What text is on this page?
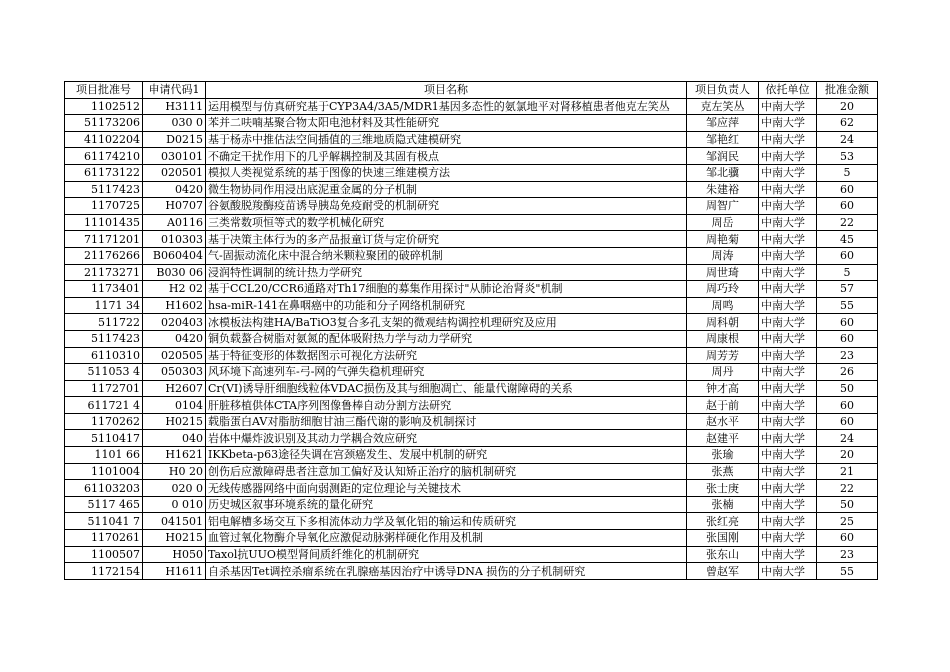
项目批准号	申请代码1	项目名称	项目负责人	依托单位	批准金额
1102512	H3111	运用模型与仿真研究基于CYP3A4/3A5/MDR1基因多态性的氨氯地平对肾移植患者他克左笑丛	克左笑丛	中南大学	20
51173206	030 0	苯并二呋喃基聚合物太阳电池材料及其性能研究	邹应萍	中南大学	62
41102204	D0215	基于杨赤中推估法空间插值的三维地质隐式建模研究	邹艳红	中南大学	24
61174210	030101	不确定干扰作用下的几乎解耦控制及其固有极点	邹润民	中南大学	53
61173122	020501	模拟人类视觉系统的基于图像的快速三维建模方法	邹北骥	中南大学	5
5117423	0420	微生物协同作用浸出底泥重金属的分子机制	朱建裕	中南大学	60
1170725	H0707	谷氨酸脱羧酶疫苗诱导胰岛免疫耐受的机制研究	周智广	中南大学	60
11101435	A0116	三类常数项恒等式的数学机械化研究	周岳	中南大学	22
71171201	010303	基于决策主体行为的多产品报童订货与定价研究	周艳菊	中南大学	45
21176266	B060404	气-固振动流化床中混合纳米颗粒聚团的破碎机制	周涛	中南大学	60
21173271	B030 06	浸润特性调制的统计热力学研究	周世琦	中南大学	5
1173401	H2 02	基于CCL20/CCR6通路对Th17细胞的募集作用探讨"从肺论治肾炎"机制	周巧玲	中南大学	57
1171 34	H1602	hsa-miR-141在鼻咽癌中的功能和分子网络机制研究	周鸣	中南大学	55
511722	020403	冰模板法构建HA/BaTiO3复合多孔支架的微观结构调控机理研究及应用	周科朝	中南大学	60
5117423	0420	铜负载螯合树脂对氨氮的配体吸附热力学与动力学研究	周康根	中南大学	60
6110310	020505	基于特征变形的体数据图示可视化方法研究	周芳芳	中南大学	23
511053 4	050303	风环境下高速列车-弓-网的气弹失稳机理研究	周丹	中南大学	26
1172701	H2607	Cr(VI)诱导肝细胞线粒体VDAC损伤及其与细胞凋亡、能量代谢障碍的关系	钟才高	中南大学	50
611721 4	0104	肝脏移植供体CTA序列图像鲁棒自动分割方法研究	赵于前	中南大学	60
1170262	H0215	载脂蛋白AV对脂肪细胞甘油三酯代谢的影响及机制探讨	赵水平	中南大学	60
5110417	040	岩体中爆炸波识别及其动力学耦合效应研究	赵建平	中南大学	24
1101 66	H1621	IKKbeta-p63途径失调在宫颈癌发生、发展中机制的研究	张瑜	中南大学	20
1101004	H0 20	创伤后应激障碍患者注意加工偏好及认知矫正治疗的脑机制研究	张燕	中南大学	21
61103203	020 0	无线传感器网络中面向弱测距的定位理论与关键技术	张士庚	中南大学	22
5117 465	0 010	历史城区叙事环境系统的量化研究	张楠	中南大学	50
511041 7	041501	铝电解槽多场交互下多相流体动力学及氧化铝的输运和传质研究	张红亮	中南大学	25
1170261	H0215	血管过氧化物酶介导氧化应激促动脉粥样硬化作用及机制	张国刚	中南大学	60
1100507	H050	Taxol抗UUO模型肾间质纤维化的机制研究	张东山	中南大学	23
1172154	H1611	自杀基因Tet调控杀瘤系统在乳腺癌基因治疗中诱导DNA 损伤的分子机制研究	曾赵军	中南大学	55
